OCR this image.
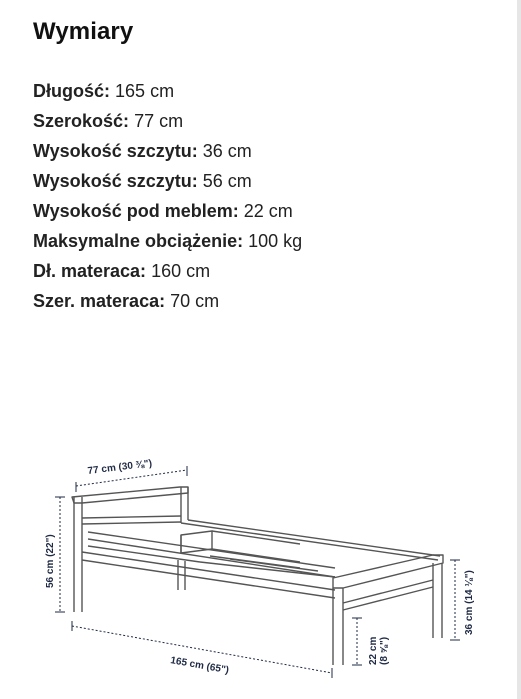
Wymiary
Długość: 165 cm
Szerokość: 77 cm
Wysokość szczytu: 36 cm
Wysokość szczytu: 56 cm
Wysokość pod meblem: 22 cm
Maksymalne obciążenie: 100 kg
Dł. materaca: 160 cm
Szer. materaca: 70 cm
77 cm (30 ⅜")
56 cm (22")
165 cm (65")
22 cm (8 ⅝")
36 cm (14 ⅛")
